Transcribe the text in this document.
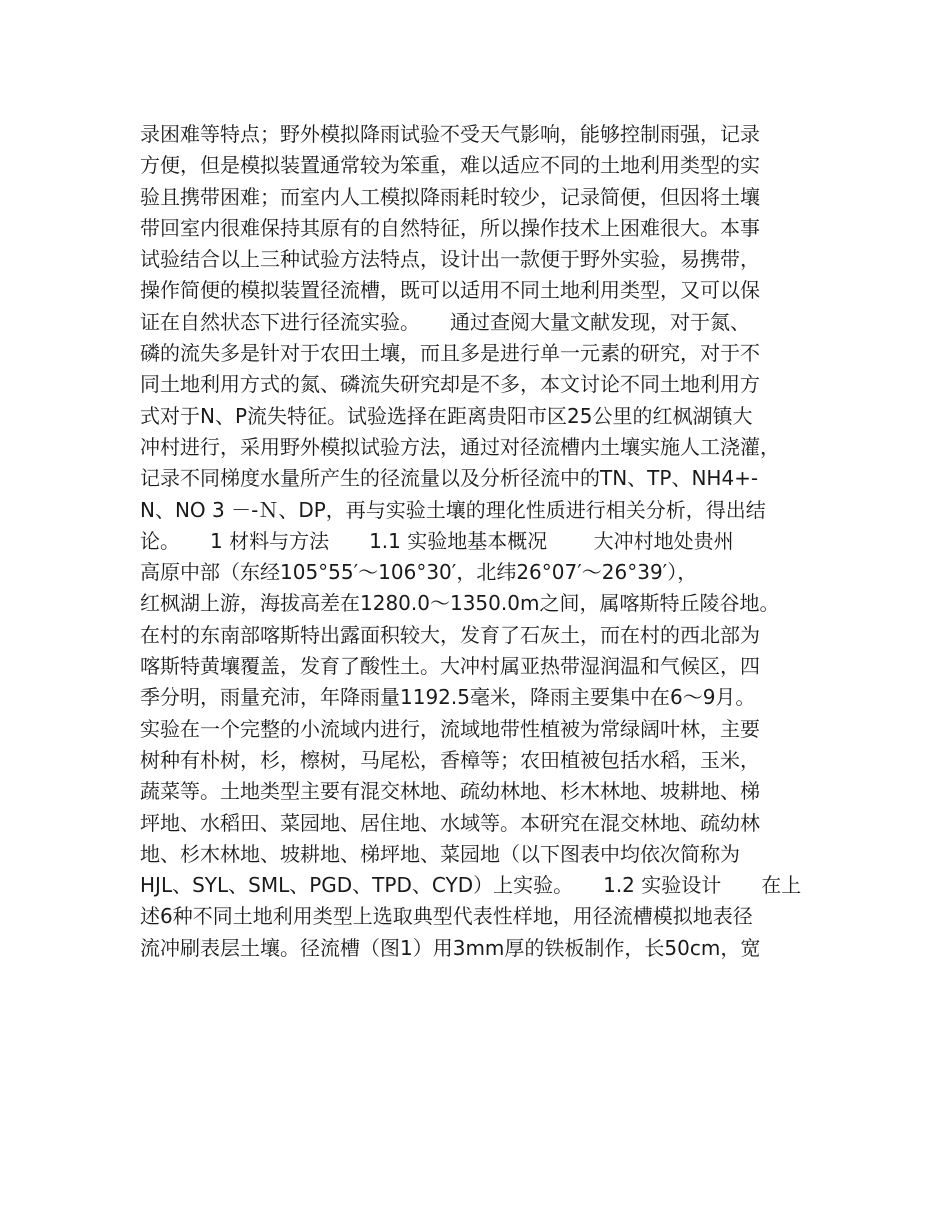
录困难等特点；野外模拟降雨试验不受天气影响，能够控制雨强，记录
方便，但是模拟装置通常较为笨重，难以适应不同的土地利用类型的实
验且携带困难；而室内人工模拟降雨耗时较少，记录简便，但因将土壤
带回室内很难保持其原有的自然特征，所以操作技术上困难很大。本事
试验结合以上三种试验方法特点，设计出一款便于野外实验，易携带，
操作简便的模拟装置径流槽，既可以适用不同土地利用类型，又可以保
证在自然状态下进行径流实验。　　通过查阅大量文献发现，对于氮、
磷的流失多是针对于农田土壤，而且多是进行单一元素的研究，对于不
同土地利用方式的氮、磷流失研究却是不多，本文讨论不同土地利用方
式对于N、P流失特征。试验选择在距离贵阳市区25公里的红枫湖镇大
冲村进行，采用野外模拟试验方法，通过对径流槽内土壤实施人工浇灌，
记录不同梯度水量所产生的径流量以及分析径流中的TN、TP、NH4+-
N、NO 3 －-Ｎ、DP，再与实验土壤的理化性质进行相关分析，得出结
论。　　1 材料与方法　　1.1 实验地基本概况　　 大冲村地处贵州
高原中部（东经105°55′～106°30′，北纬26°07′～26°39′），
红枫湖上游，海拔高差在1280.0～1350.0m之间，属喀斯特丘陵谷地。
在村的东南部喀斯特出露面积较大，发育了石灰土，而在村的西北部为
喀斯特黄壤覆盖，发育了酸性土。大冲村属亚热带湿润温和气候区，四
季分明，雨量充沛，年降雨量1192.5毫米，降雨主要集中在6～9月。
实验在一个完整的小流域内进行，流域地带性植被为常绿阔叶林，主要
树种有朴树，杉，檫树，马尾松，香樟等；农田植被包括水稻，玉米，
蔬菜等。土地类型主要有混交林地、疏幼林地、杉木林地、坡耕地、梯
坪地、水稻田、菜园地、居住地、水域等。本研究在混交林地、疏幼林
地、杉木林地、坡耕地、梯坪地、菜园地（以下图表中均依次简称为
HJL、SYL、SML、PGD、TPD、CYD）上实验。　　1.2 实验设计　　在上
述6种不同土地利用类型上选取典型代表性样地，用径流槽模拟地表径
流冲刷表层土壤。径流槽（图1）用3mm厚的铁板制作，长50cm，宽
